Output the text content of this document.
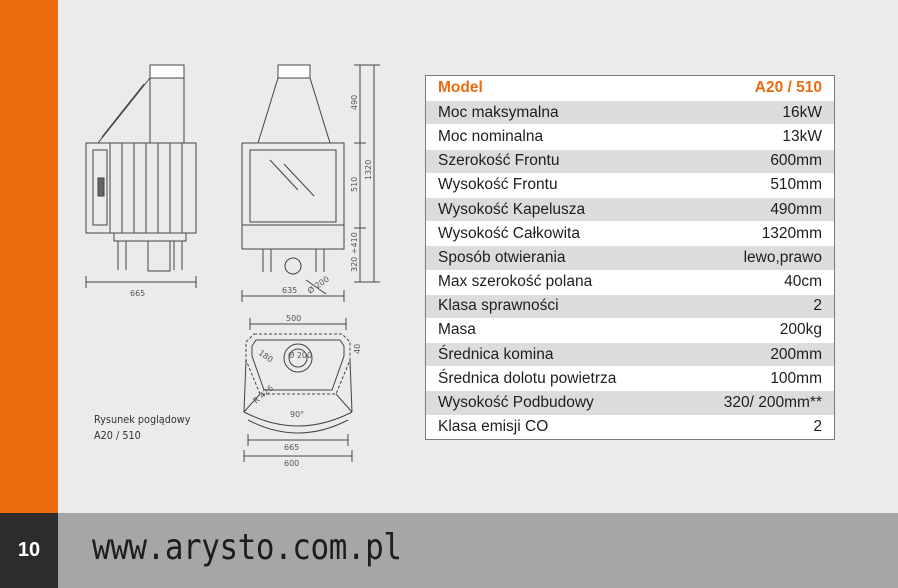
10	www.arysto.com.pl
665	635 Ø 200
490
510
320 ÷410
1320
500
40
Ø 200
180
R 426
90°
665
600
Rysunek poglądowy
A20 / 510
Model	A20 / 510
Moc maksymalna	16kW
Moc nominalna	13kW
Szerokość Frontu	600mm
Wysokość Frontu	510mm
Wysokość Kapelusza	490mm
Wysokość Całkowita	1320mm
Sposób otwierania	lewo,prawo
Max szerokość polana	40cm
Klasa sprawności	2
Masa	200kg
Średnica komina	200mm
Średnica dolotu powietrza	100mm
Wysokość Podbudowy	320/ 200mm**
Klasa emisji CO	2
